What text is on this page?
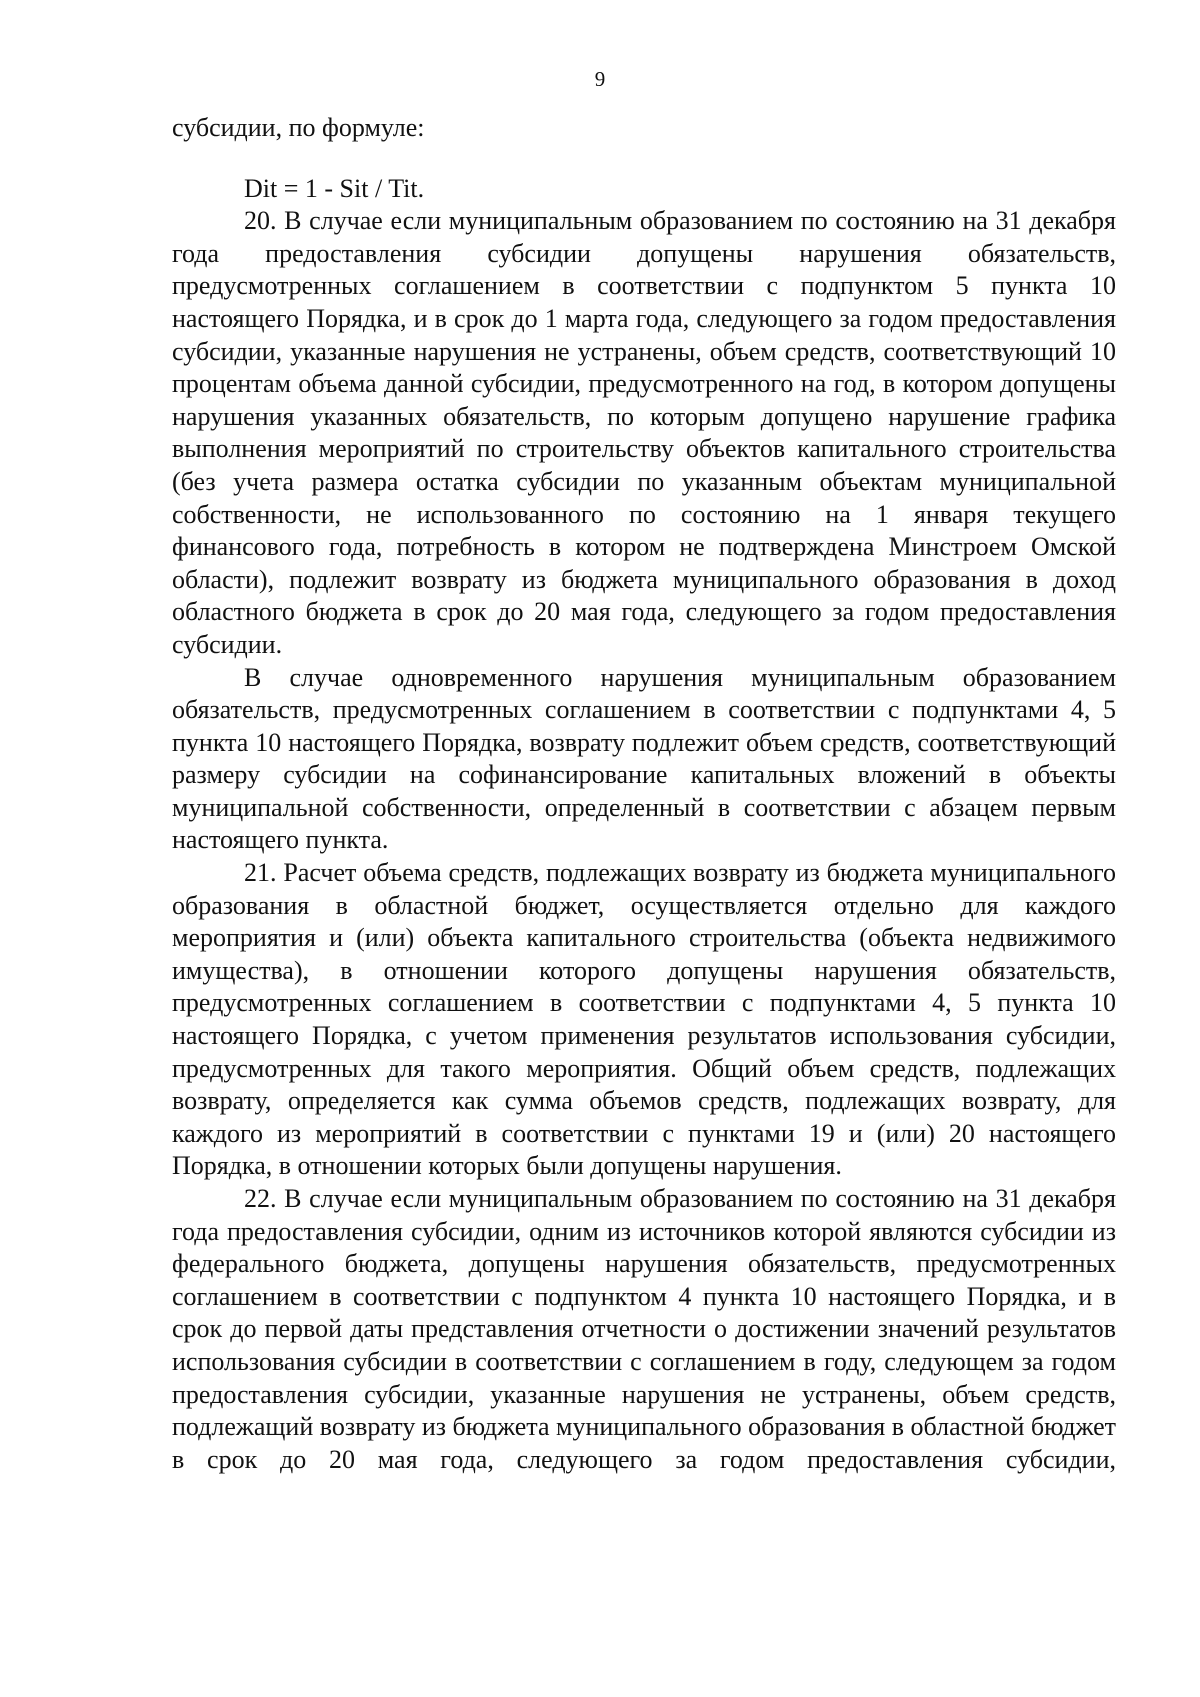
9

субсидии, по формуле:

Dit = 1 - Sit / Tit.

20. В случае если муниципальным образованием по состоянию на 31 декабря года предоставления субсидии допущены нарушения обязательств, предусмотренных соглашением в соответствии с подпунктом 5 пункта 10 настоящего Порядка, и в срок до 1 марта года, следующего за годом предоставления субсидии, указанные нарушения не устранены, объем средств, соответствующий 10 процентам объема данной субсидии, предусмотренного на год, в котором допущены нарушения указанных обязательств, по которым допущено нарушение графика выполнения мероприятий по строительству объектов капитального строительства (без учета размера остатка субсидии по указанным объектам муниципальной собственности, не использованного по состоянию на 1 января текущего финансового года, потребность в котором не подтверждена Минстроем Омской области), подлежит возврату из бюджета муниципального образования в доход областного бюджета в срок до 20 мая года, следующего за годом предоставления субсидии.

В случае одновременного нарушения муниципальным образованием обязательств, предусмотренных соглашением в соответствии с подпунктами 4, 5 пункта 10 настоящего Порядка, возврату подлежит объем средств, соответствующий размеру субсидии на софинансирование капитальных вложений в объекты муниципальной собственности, определенный в соответствии с абзацем первым настоящего пункта.

21. Расчет объема средств, подлежащих возврату из бюджета муниципального образования в областной бюджет, осуществляется отдельно для каждого мероприятия и (или) объекта капитального строительства (объекта недвижимого имущества), в отношении которого допущены нарушения обязательств, предусмотренных соглашением в соответствии с подпунктами 4, 5 пункта 10 настоящего Порядка, с учетом применения результатов использования субсидии, предусмотренных для такого мероприятия. Общий объем средств, подлежащих возврату, определяется как сумма объемов средств, подлежащих возврату, для каждого из мероприятий в соответствии с пунктами 19 и (или) 20 настоящего Порядка, в отношении которых были допущены нарушения.

22. В случае если муниципальным образованием по состоянию на 31 декабря года предоставления субсидии, одним из источников которой являются субсидии из федерального бюджета, допущены нарушения обязательств, предусмотренных соглашением в соответствии с подпунктом 4 пункта 10 настоящего Порядка, и в срок до первой даты представления отчетности о достижении значений результатов использования субсидии в соответствии с соглашением в году, следующем за годом предоставления субсидии, указанные нарушения не устранены, объем средств, подлежащий возврату из бюджета муниципального образования в областной бюджет в срок до 20 мая года, следующего за годом предоставления субсидии,
